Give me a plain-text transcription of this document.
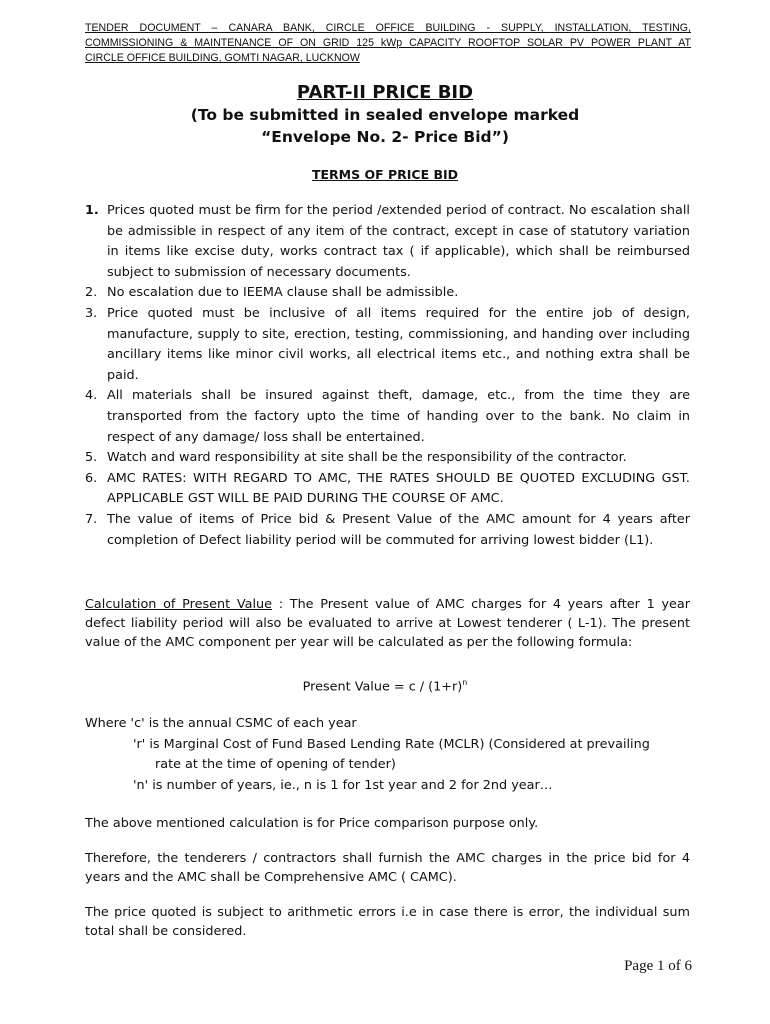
TENDER DOCUMENT – CANARA BANK, CIRCLE OFFICE BUILDING - SUPPLY, INSTALLATION, TESTING,
COMMISSIONING & MAINTENANCE OF ON GRID 125 kWp CAPACITY ROOFTOP SOLAR PV POWER PLANT AT
CIRCLE OFFICE BUILDING, GOMTI NAGAR, LUCKNOW
PART-II PRICE BID
(To be submitted in sealed envelope marked
“Envelope No. 2- Price Bid”)
TERMS OF PRICE BID
1. Prices quoted must be firm for the period /extended period of contract. No escalation shall be admissible in respect of any item of the contract, except in case of statutory variation in items like excise duty, works contract tax ( if applicable), which shall be reimbursed subject to submission of necessary documents.
2. No escalation due to IEEMA clause shall be admissible.
3. Price quoted must be inclusive of all items required for the entire job of design, manufacture, supply to site, erection, testing, commissioning, and handing over including ancillary items like minor civil works, all electrical items etc., and nothing extra shall be paid.
4. All materials shall be insured against theft, damage, etc., from the time they are transported from the factory upto the time of handing over to the bank. No claim in respect of any damage/ loss shall be entertained.
5. Watch and ward responsibility at site shall be the responsibility of the contractor.
6. AMC RATES: WITH REGARD TO AMC, THE RATES SHOULD BE QUOTED EXCLUDING GST. APPLICABLE GST WILL BE PAID DURING THE COURSE OF AMC.
7. The value of items of Price bid & Present Value of the AMC amount for 4 years after completion of Defect liability period will be commuted for arriving lowest bidder (L1).
Calculation of Present Value : The Present value of AMC charges for 4 years after 1 year defect liability period will also be evaluated to arrive at Lowest tenderer ( L-1). The present value of the AMC component per year will be calculated as per the following formula:
Present Value = $c / (1+r)^n$
Where 'c' is the annual CSMC of each year
'r' is Marginal Cost of Fund Based Lending Rate (MCLR) (Considered at prevailing
rate at the time of opening of tender)
'n' is number of years, ie., n is 1 for 1st year and 2 for 2nd year…
The above mentioned calculation is for Price comparison purpose only.
Therefore, the tenderers / contractors shall furnish the AMC charges in the price bid for 4 years and the AMC shall be Comprehensive AMC ( CAMC).
The price quoted is subject to arithmetic errors i.e in case there is error, the individual sum total shall be considered.
Page 1 of 6
